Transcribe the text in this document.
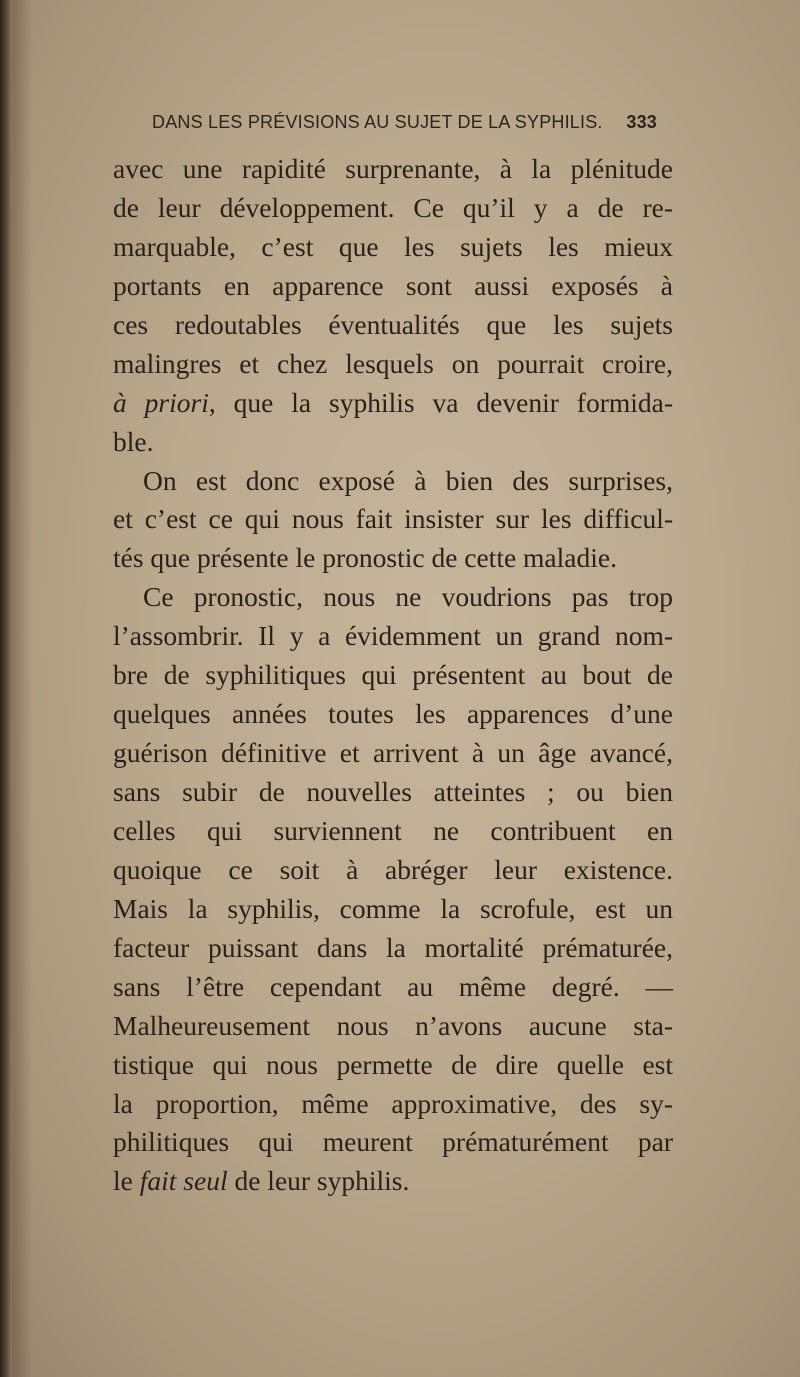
DANS LES PRÉVISIONS AU SUJET DE LA SYPHILIS. 333
avec une rapidité surprenante, à la plénitude
de leur développement. Ce qu’il y a de re-
marquable, c’est que les sujets les mieux
portants en apparence sont aussi exposés à
ces redoutables éventualités que les sujets
malingres et chez lesquels on pourrait croire,
à priori, que la syphilis va devenir formida-
ble.
On est donc exposé à bien des surprises,
et c’est ce qui nous fait insister sur les difficul-
tés que présente le pronostic de cette maladie.
Ce pronostic, nous ne voudrions pas trop
l’assombrir. Il y a évidemment un grand nom-
bre de syphilitiques qui présentent au bout de
quelques années toutes les apparences d’une
guérison définitive et arrivent à un âge avancé,
sans subir de nouvelles atteintes ; ou bien
celles qui surviennent ne contribuent en
quoique ce soit à abréger leur existence.
Mais la syphilis, comme la scrofule, est un
facteur puissant dans la mortalité prématurée,
sans l’être cependant au même degré. —
Malheureusement nous n’avons aucune sta-
tistique qui nous permette de dire quelle est
la proportion, même approximative, des sy-
philitiques qui meurent prématurément par
le fait seul de leur syphilis.
